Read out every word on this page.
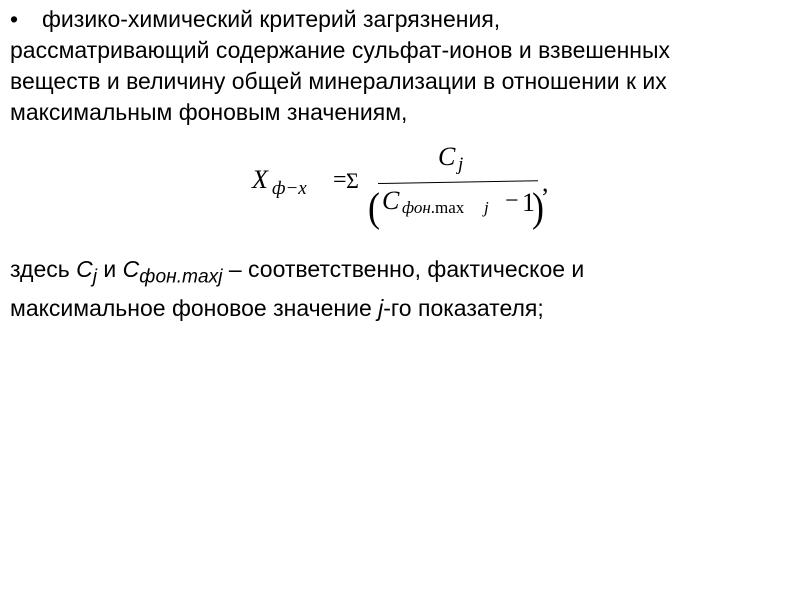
• физико-химический критерий загрязнения,
рассматривающий содержание сульфат-ионов и взвешенных
веществ и величину общей минерализации в отношении к их
максимальным фоновым значениям,

X ф−x = Σ
C j
( C фон.max j − 1
)
,

здесь $C_j$ и $C_{фон.maxj}$ – соответственно, фактическое и
максимальное фоновое значение j-го показателя;
